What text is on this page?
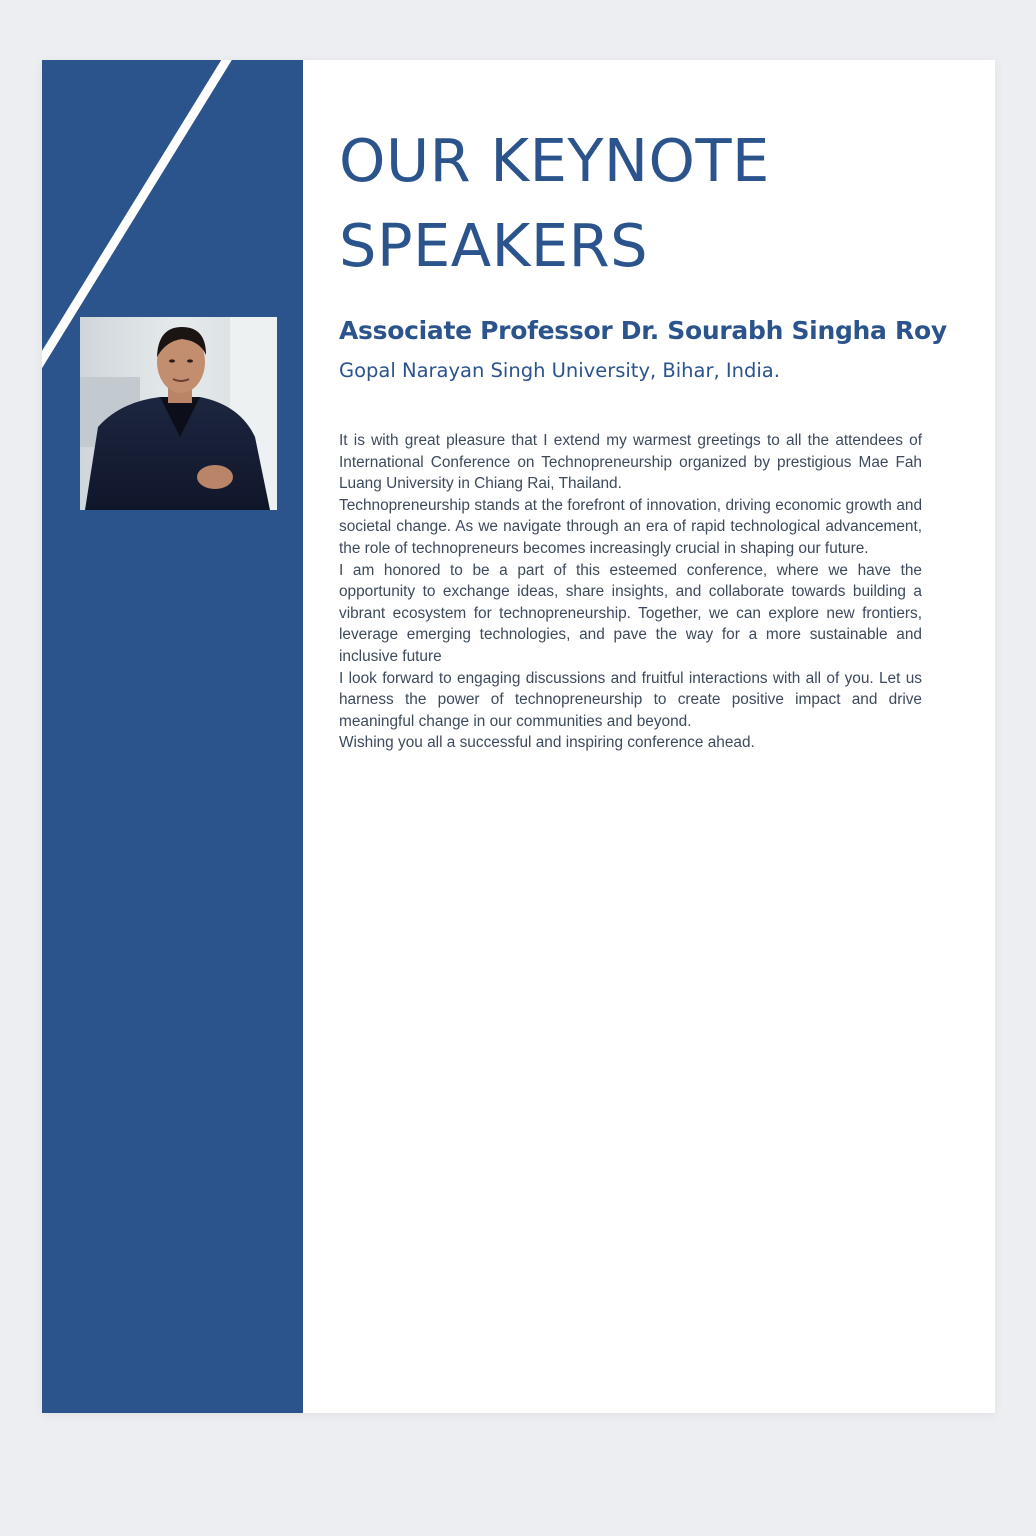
OUR KEYNOTE
SPEAKERS
Associate Professor Dr. Sourabh Singha Roy
Gopal Narayan Singh University, Bihar, India.

It is with great pleasure that I extend my warmest greetings to all the attendees of International Conference on Technopreneurship organized by prestigious Mae Fah Luang University in Chiang Rai, Thailand.

Technopreneurship stands at the forefront of innovation, driving economic growth and societal change. As we navigate through an era of rapid technological advancement, the role of technopreneurs becomes increasingly crucial in shaping our future.

I am honored to be a part of this esteemed conference, where we have the opportunity to exchange ideas, share insights, and collaborate towards building a vibrant ecosystem for technopreneurship. Together, we can explore new frontiers, leverage emerging technologies, and pave the way for a more sustainable and inclusive future

I look forward to engaging discussions and fruitful interactions with all of you. Let us harness the power of technopreneurship to create positive impact and drive meaningful change in our communities and beyond.

Wishing you all a successful and inspiring conference ahead.
